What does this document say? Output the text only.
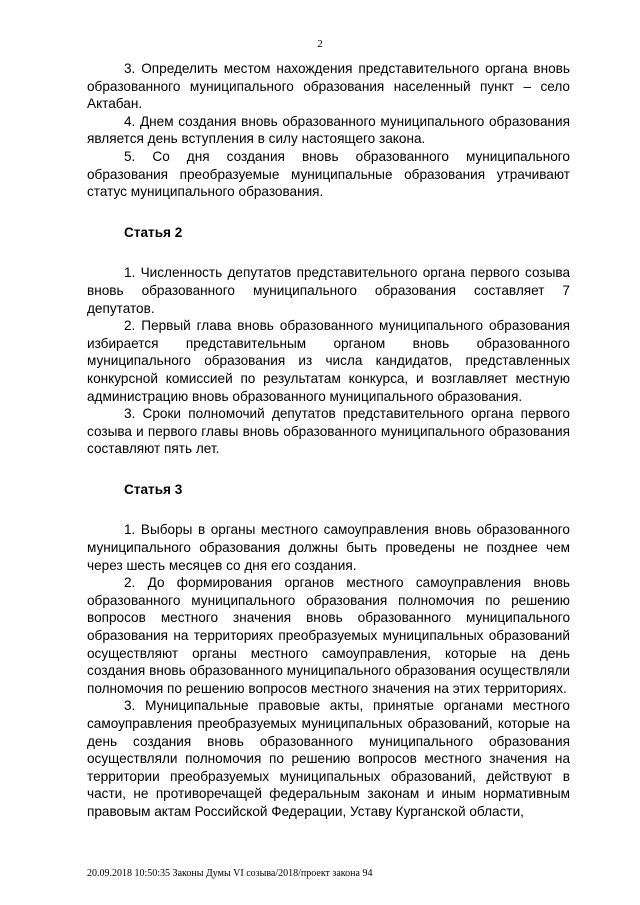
2

3. Определить местом нахождения представительного органа вновь образованного муниципального образования населенный пункт – село Актабан.

4. Днем создания вновь образованного муниципального образования является день вступления в силу настоящего закона.

5. Со дня создания вновь образованного муниципального образования преобразуемые муниципальные образования утрачивают статус муниципального образования.

Статья 2

1. Численность депутатов представительного органа первого созыва вновь образованного муниципального образования составляет 7 депутатов.

2. Первый глава вновь образованного муниципального образования избирается представительным органом вновь образованного муниципального образования из числа кандидатов, представленных конкурсной комиссией по результатам конкурса, и возглавляет местную администрацию вновь образованного муниципального образования.

3. Сроки полномочий депутатов представительного органа первого созыва и первого главы вновь образованного муниципального образования составляют пять лет.

Статья 3

1. Выборы в органы местного самоуправления вновь образованного муниципального образования должны быть проведены не позднее чем через шесть месяцев со дня его создания.

2. До формирования органов местного самоуправления вновь образованного муниципального образования полномочия по решению вопросов местного значения вновь образованного муниципального образования на территориях преобразуемых муниципальных образований осуществляют органы местного самоуправления, которые на день создания вновь образованного муниципального образования осуществляли полномочия по решению вопросов местного значения на этих территориях.

3. Муниципальные правовые акты, принятые органами местного самоуправления преобразуемых муниципальных образований, которые на день создания вновь образованного муниципального образования осуществляли полномочия по решению вопросов местного значения на территории преобразуемых муниципальных образований, действуют в части, не противоречащей федеральным законам и иным нормативным правовым актам Российской Федерации, Уставу Курганской области,

20.09.2018 10:50:35 Законы Думы VI созыва/2018/проект закона 94
